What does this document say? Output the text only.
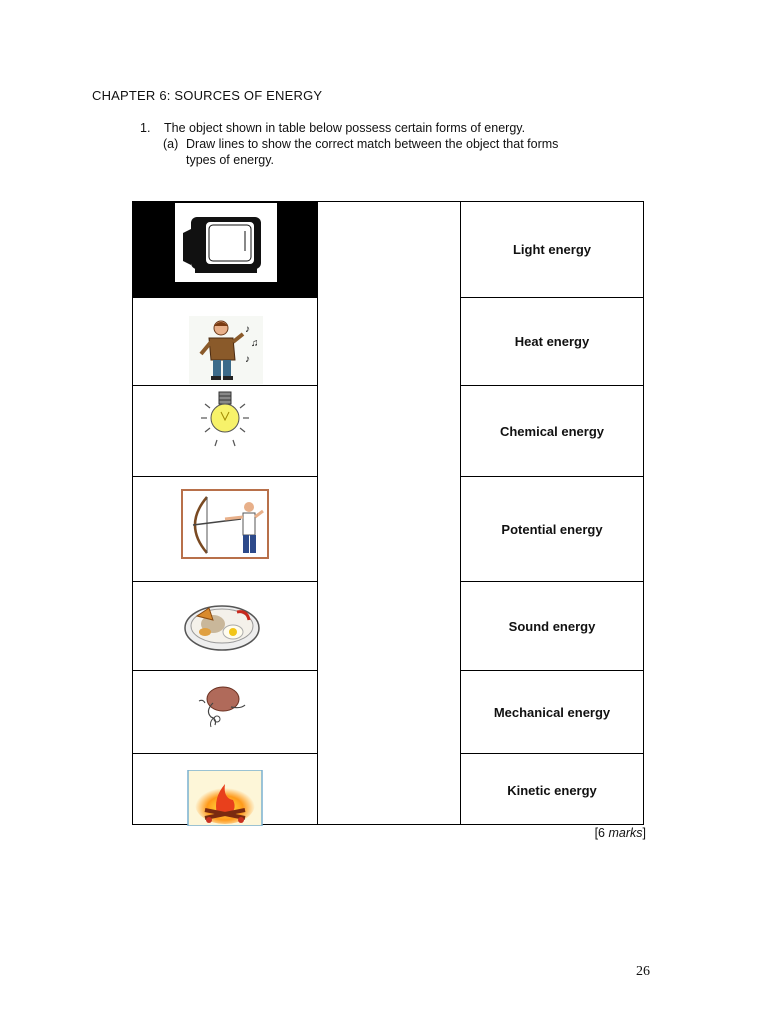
CHAPTER 6: SOURCES OF ENERGY
1. The object shown in table below possess certain forms of energy.
(a) Draw lines to show the correct match between the object that forms
types of energy.
♪
♫
♪
Light energy
Heat energy
Chemical energy
Potential energy
Sound energy
Mechanical energy
Kinetic energy
[6 marks]
26
